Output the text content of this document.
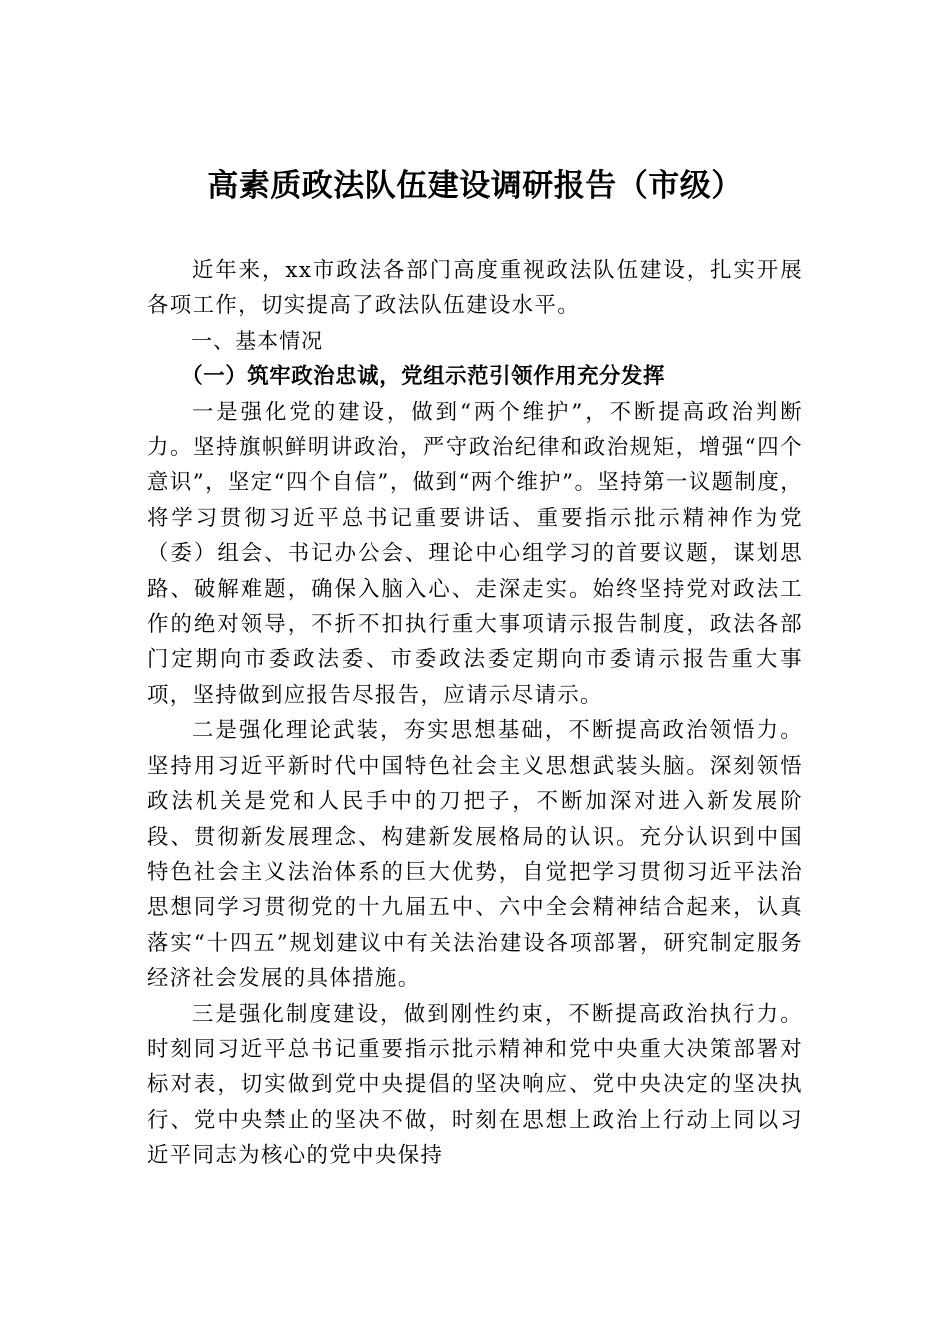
高素质政法队伍建设调研报告（市级）

近年来，xx市政法各部门高度重视政法队伍建设，扎实开展各项工作，切实提高了政法队伍建设水平。

一、基本情况

（一）筑牢政治忠诚，党组示范引领作用充分发挥

一是强化党的建设，做到“两个维护”，不断提高政治判断力。坚持旗帜鲜明讲政治，严守政治纪律和政治规矩，增强“四个意识”，坚定“四个自信”，做到“两个维护”。坚持第一议题制度，将学习贯彻习近平总书记重要讲话、重要指示批示精神作为党（委）组会、书记办公会、理论中心组学习的首要议题，谋划思路、破解难题，确保入脑入心、走深走实。始终坚持党对政法工作的绝对领导，不折不扣执行重大事项请示报告制度，政法各部门定期向市委政法委、市委政法委定期向市委请示报告重大事项，坚持做到应报告尽报告，应请示尽请示。

二是强化理论武装，夯实思想基础，不断提高政治领悟力。坚持用习近平新时代中国特色社会主义思想武装头脑。深刻领悟政法机关是党和人民手中的刀把子，不断加深对进入新发展阶段、贯彻新发展理念、构建新发展格局的认识。充分认识到中国特色社会主义法治体系的巨大优势，自觉把学习贯彻习近平法治思想同学习贯彻党的十九届五中、六中全会精神结合起来，认真落实“十四五”规划建议中有关法治建设各项部署，研究制定服务经济社会发展的具体措施。

三是强化制度建设，做到刚性约束，不断提高政治执行力。时刻同习近平总书记重要指示批示精神和党中央重大决策部署对标对表，切实做到党中央提倡的坚决响应、党中央决定的坚决执行、党中央禁止的坚决不做，时刻在思想上政治上行动上同以习近平同志为核心的党中央保持
